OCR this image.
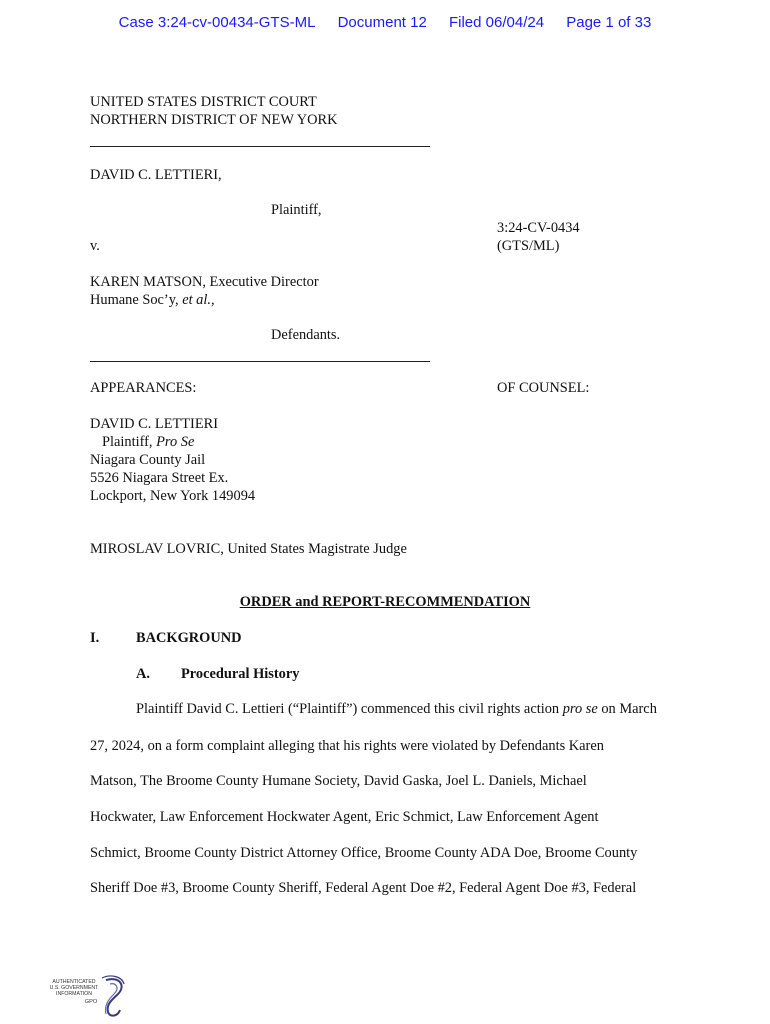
Case 3:24-cv-00434-GTS-ML Document 12 Filed 06/04/24 Page 1 of 33
UNITED STATES DISTRICT COURT
NORTHERN DISTRICT OF NEW YORK
DAVID C. LETTIERI,
Plaintiff,
v.
3:24-CV-0434
(GTS/ML)
KAREN MATSON, Executive Director
Humane Soc’y, et al.,
Defendants.
APPEARANCES:	OF COUNSEL:
DAVID C. LETTIERI
Plaintiff, Pro Se
Niagara County Jail
5526 Niagara Street Ex.
Lockport, New York 149094
MIROSLAV LOVRIC, United States Magistrate Judge
ORDER and REPORT-RECOMMENDATION
I.	BACKGROUND
A. Procedural History
Plaintiff David C. Lettieri (“Plaintiff”) commenced this civil rights action pro se on March
27, 2024, on a form complaint alleging that his rights were violated by Defendants Karen
Matson, The Broome County Humane Society, David Gaska, Joel L. Daniels, Michael
Hockwater, Law Enforcement Hockwater Agent, Eric Schmict, Law Enforcement Agent
Schmict, Broome County District Attorney Office, Broome County ADA Doe, Broome County
Sheriff Doe #3, Broome County Sheriff, Federal Agent Doe #2, Federal Agent Doe #3, Federal
AUTHENTICATED
U.S. GOVERNMENT
INFORMATION
GPO
